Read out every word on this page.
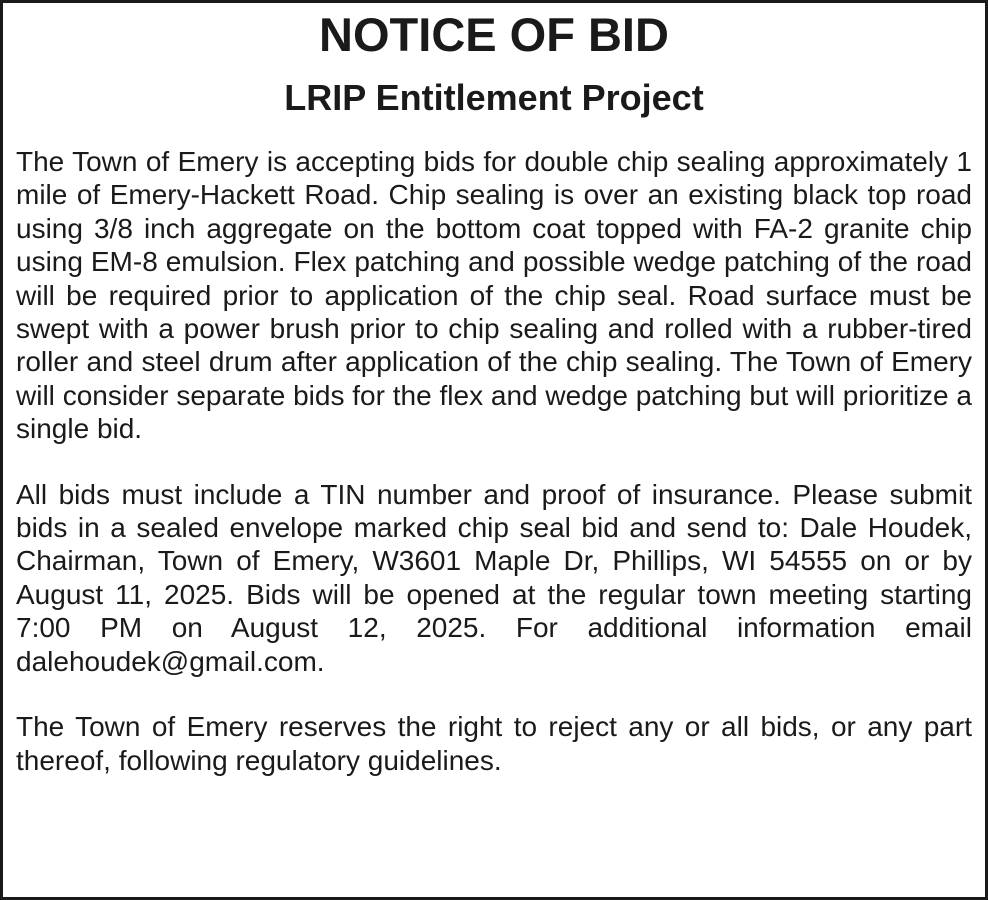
NOTICE OF BID
LRIP Entitlement Project

The Town of Emery is accepting bids for double chip sealing approximately 1 mile of Emery-Hackett Road. Chip sealing is over an existing black top road using 3/8 inch aggregate on the bottom coat topped with FA-2 granite chip using EM-8 emulsion. Flex patching and possible wedge patching of the road will be required prior to application of the chip seal. Road surface must be swept with a power brush prior to chip sealing and rolled with a rubber-tired roller and steel drum after application of the chip sealing. The Town of Emery will consider separate bids for the flex and wedge patching but will prioritize a single bid.

All bids must include a TIN number and proof of insurance. Please submit bids in a sealed envelope marked chip seal bid and send to: Dale Houdek, Chairman, Town of Emery, W3601 Maple Dr, Phillips, WI 54555 on or by August 11, 2025. Bids will be opened at the regular town meeting starting 7:00 PM on August 12, 2025. For additional information email dalehoudek@gmail.com.

The Town of Emery reserves the right to reject any or all bids, or any part thereof, following regulatory guidelines.
